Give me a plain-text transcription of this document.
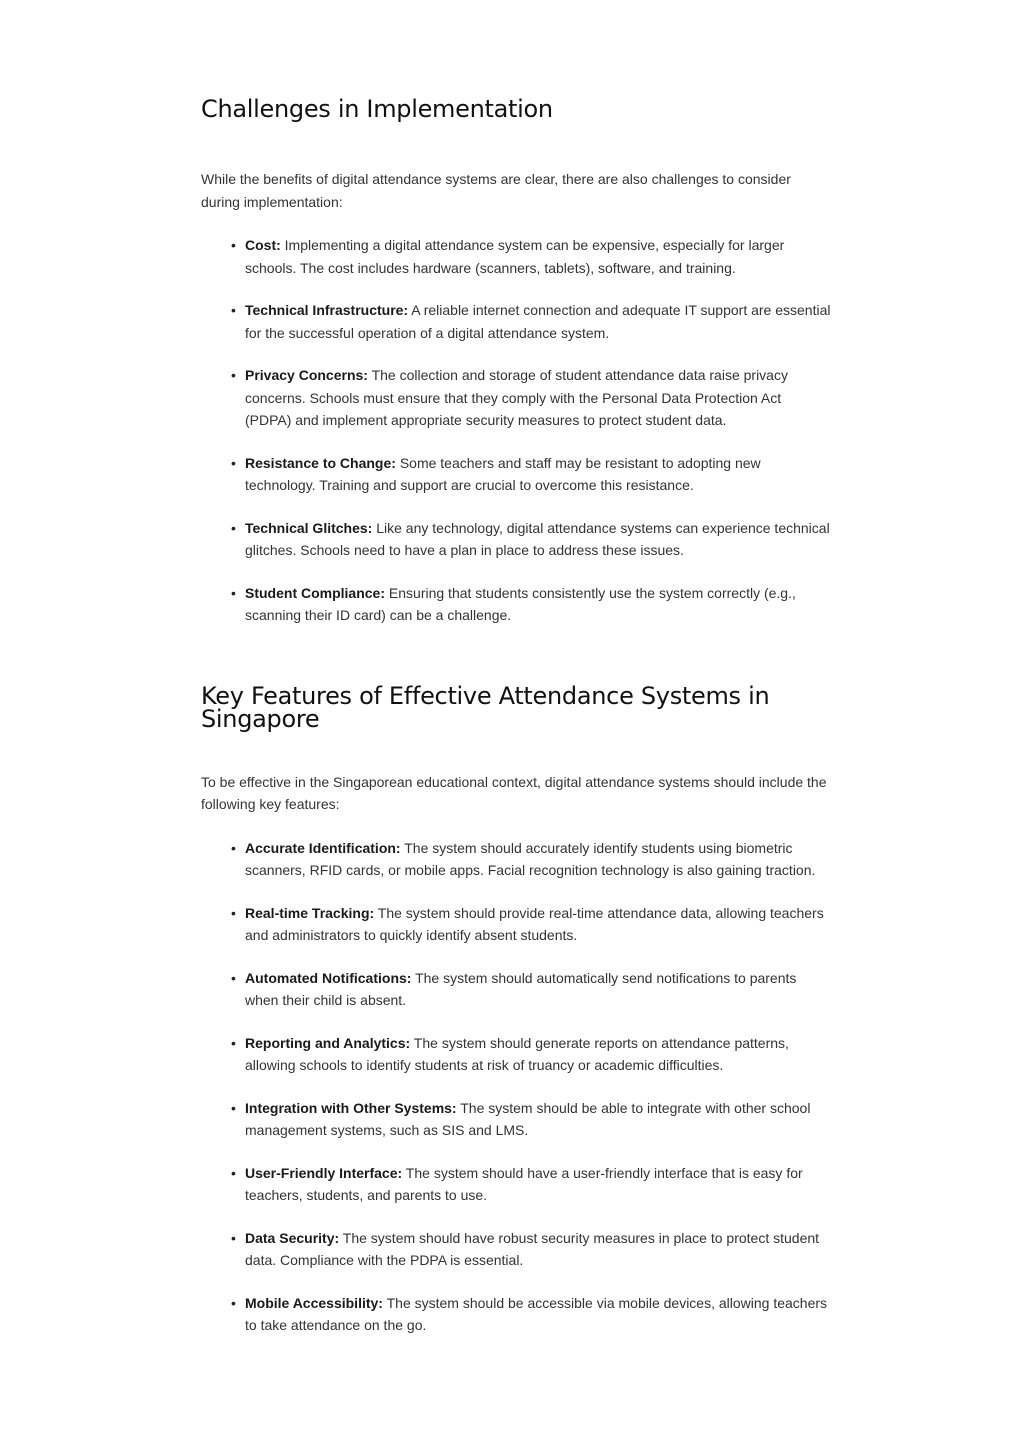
Challenges in Implementation

While the benefits of digital attendance systems are clear, there are also challenges to consider during implementation:

• Cost: Implementing a digital attendance system can be expensive, especially for larger schools. The cost includes hardware (scanners, tablets), software, and training.
• Technical Infrastructure: A reliable internet connection and adequate IT support are essential for the successful operation of a digital attendance system.
• Privacy Concerns: The collection and storage of student attendance data raise privacy concerns. Schools must ensure that they comply with the Personal Data Protection Act (PDPA) and implement appropriate security measures to protect student data.
• Resistance to Change: Some teachers and staff may be resistant to adopting new technology. Training and support are crucial to overcome this resistance.
• Technical Glitches: Like any technology, digital attendance systems can experience technical glitches. Schools need to have a plan in place to address these issues.
• Student Compliance: Ensuring that students consistently use the system correctly (e.g., scanning their ID card) can be a challenge.
Key Features of Effective Attendance Systems in Singapore

To be effective in the Singaporean educational context, digital attendance systems should include the following key features:

• Accurate Identification: The system should accurately identify students using biometric scanners, RFID cards, or mobile apps. Facial recognition technology is also gaining traction.
• Real-time Tracking: The system should provide real-time attendance data, allowing teachers and administrators to quickly identify absent students.
• Automated Notifications: The system should automatically send notifications to parents when their child is absent.
• Reporting and Analytics: The system should generate reports on attendance patterns, allowing schools to identify students at risk of truancy or academic difficulties.
• Integration with Other Systems: The system should be able to integrate with other school management systems, such as SIS and LMS.
• User-Friendly Interface: The system should have a user-friendly interface that is easy for teachers, students, and parents to use.
• Data Security: The system should have robust security measures in place to protect student data. Compliance with the PDPA is essential.
• Mobile Accessibility: The system should be accessible via mobile devices, allowing teachers to take attendance on the go.
